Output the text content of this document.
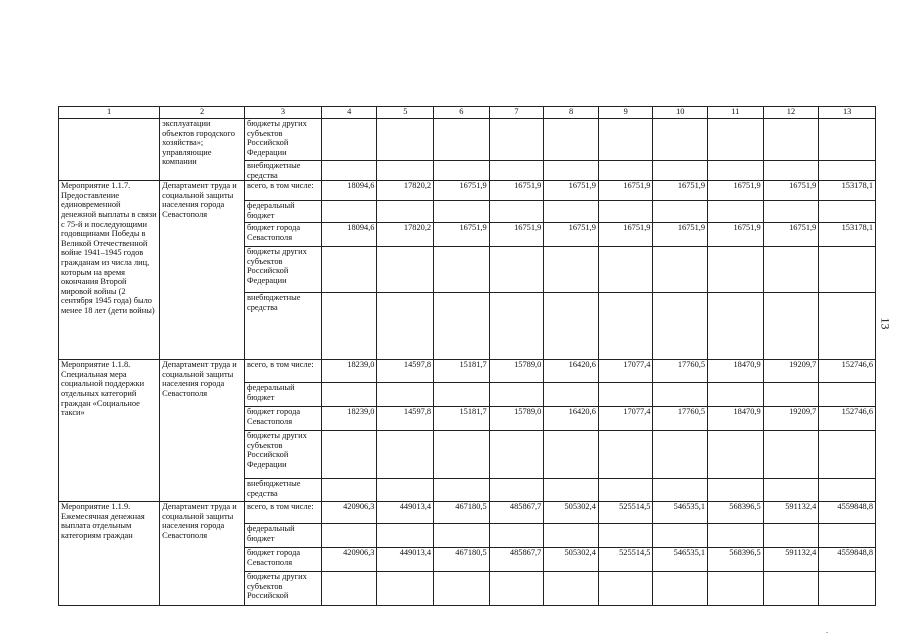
1	2	3	4	5	6	7	8	9	10	11	12	13
	эксплуатации объектов городского хозяйства»; управляющие компании	бюджеты других субъектов Российской Федерации										
		внебюджетные средства										
Мероприятие 1.1.7. Предоставление единовременной денежной выплаты в связи с 75-й и последующими годовщинами Победы в Великой Отечественной войне 1941–1945 годов гражданам из числа лиц, которым на время окончания Второй мировой войны (2 сентября 1945 года) было менее 18 лет (дети войны)	Департамент труда и социальной защиты населения города Севастополя	всего, в том числе:	18094,6	17820,2	16751,9	16751,9	16751,9	16751,9	16751,9	16751,9	16751,9	153178,1
		федеральный бюджет										
		бюджет города Севастополя	18094,6	17820,2	16751,9	16751,9	16751,9	16751,9	16751,9	16751,9	16751,9	153178,1
		бюджеты других субъектов Российской Федерации										
		внебюджетные средства										
Мероприятие 1.1.8. Специальная мера социальной поддержки отдельных категорий граждан «Социальное такси»	Департамент труда и социальной защиты населения города Севастополя	всего, в том числе:	18239,0	14597,8	15181,7	15789,0	16420,6	17077,4	17760,5	18470,9	19209,7	152746,6
		федеральный бюджет										
		бюджет города Севастополя	18239,0	14597,8	15181,7	15789,0	16420,6	17077,4	17760,5	18470,9	19209,7	152746,6
		бюджеты других субъектов Российской Федерации										
		внебюджетные средства										
Мероприятие 1.1.9. Ежемесячная денежная выплата отдельным категориям граждан	Департамент труда и социальной защиты населения города Севастополя	всего, в том числе:	420906,3	449013,4	467180,5	485867,7	505302,4	525514,5	546535,1	568396,5	591132,4	4559848,8
		федеральный бюджет										
		бюджет города Севастополя	420906,3	449013,4	467180,5	485867,7	505302,4	525514,5	546535,1	568396,5	591132,4	4559848,8
		бюджеты других субъектов Российской										
13
.
